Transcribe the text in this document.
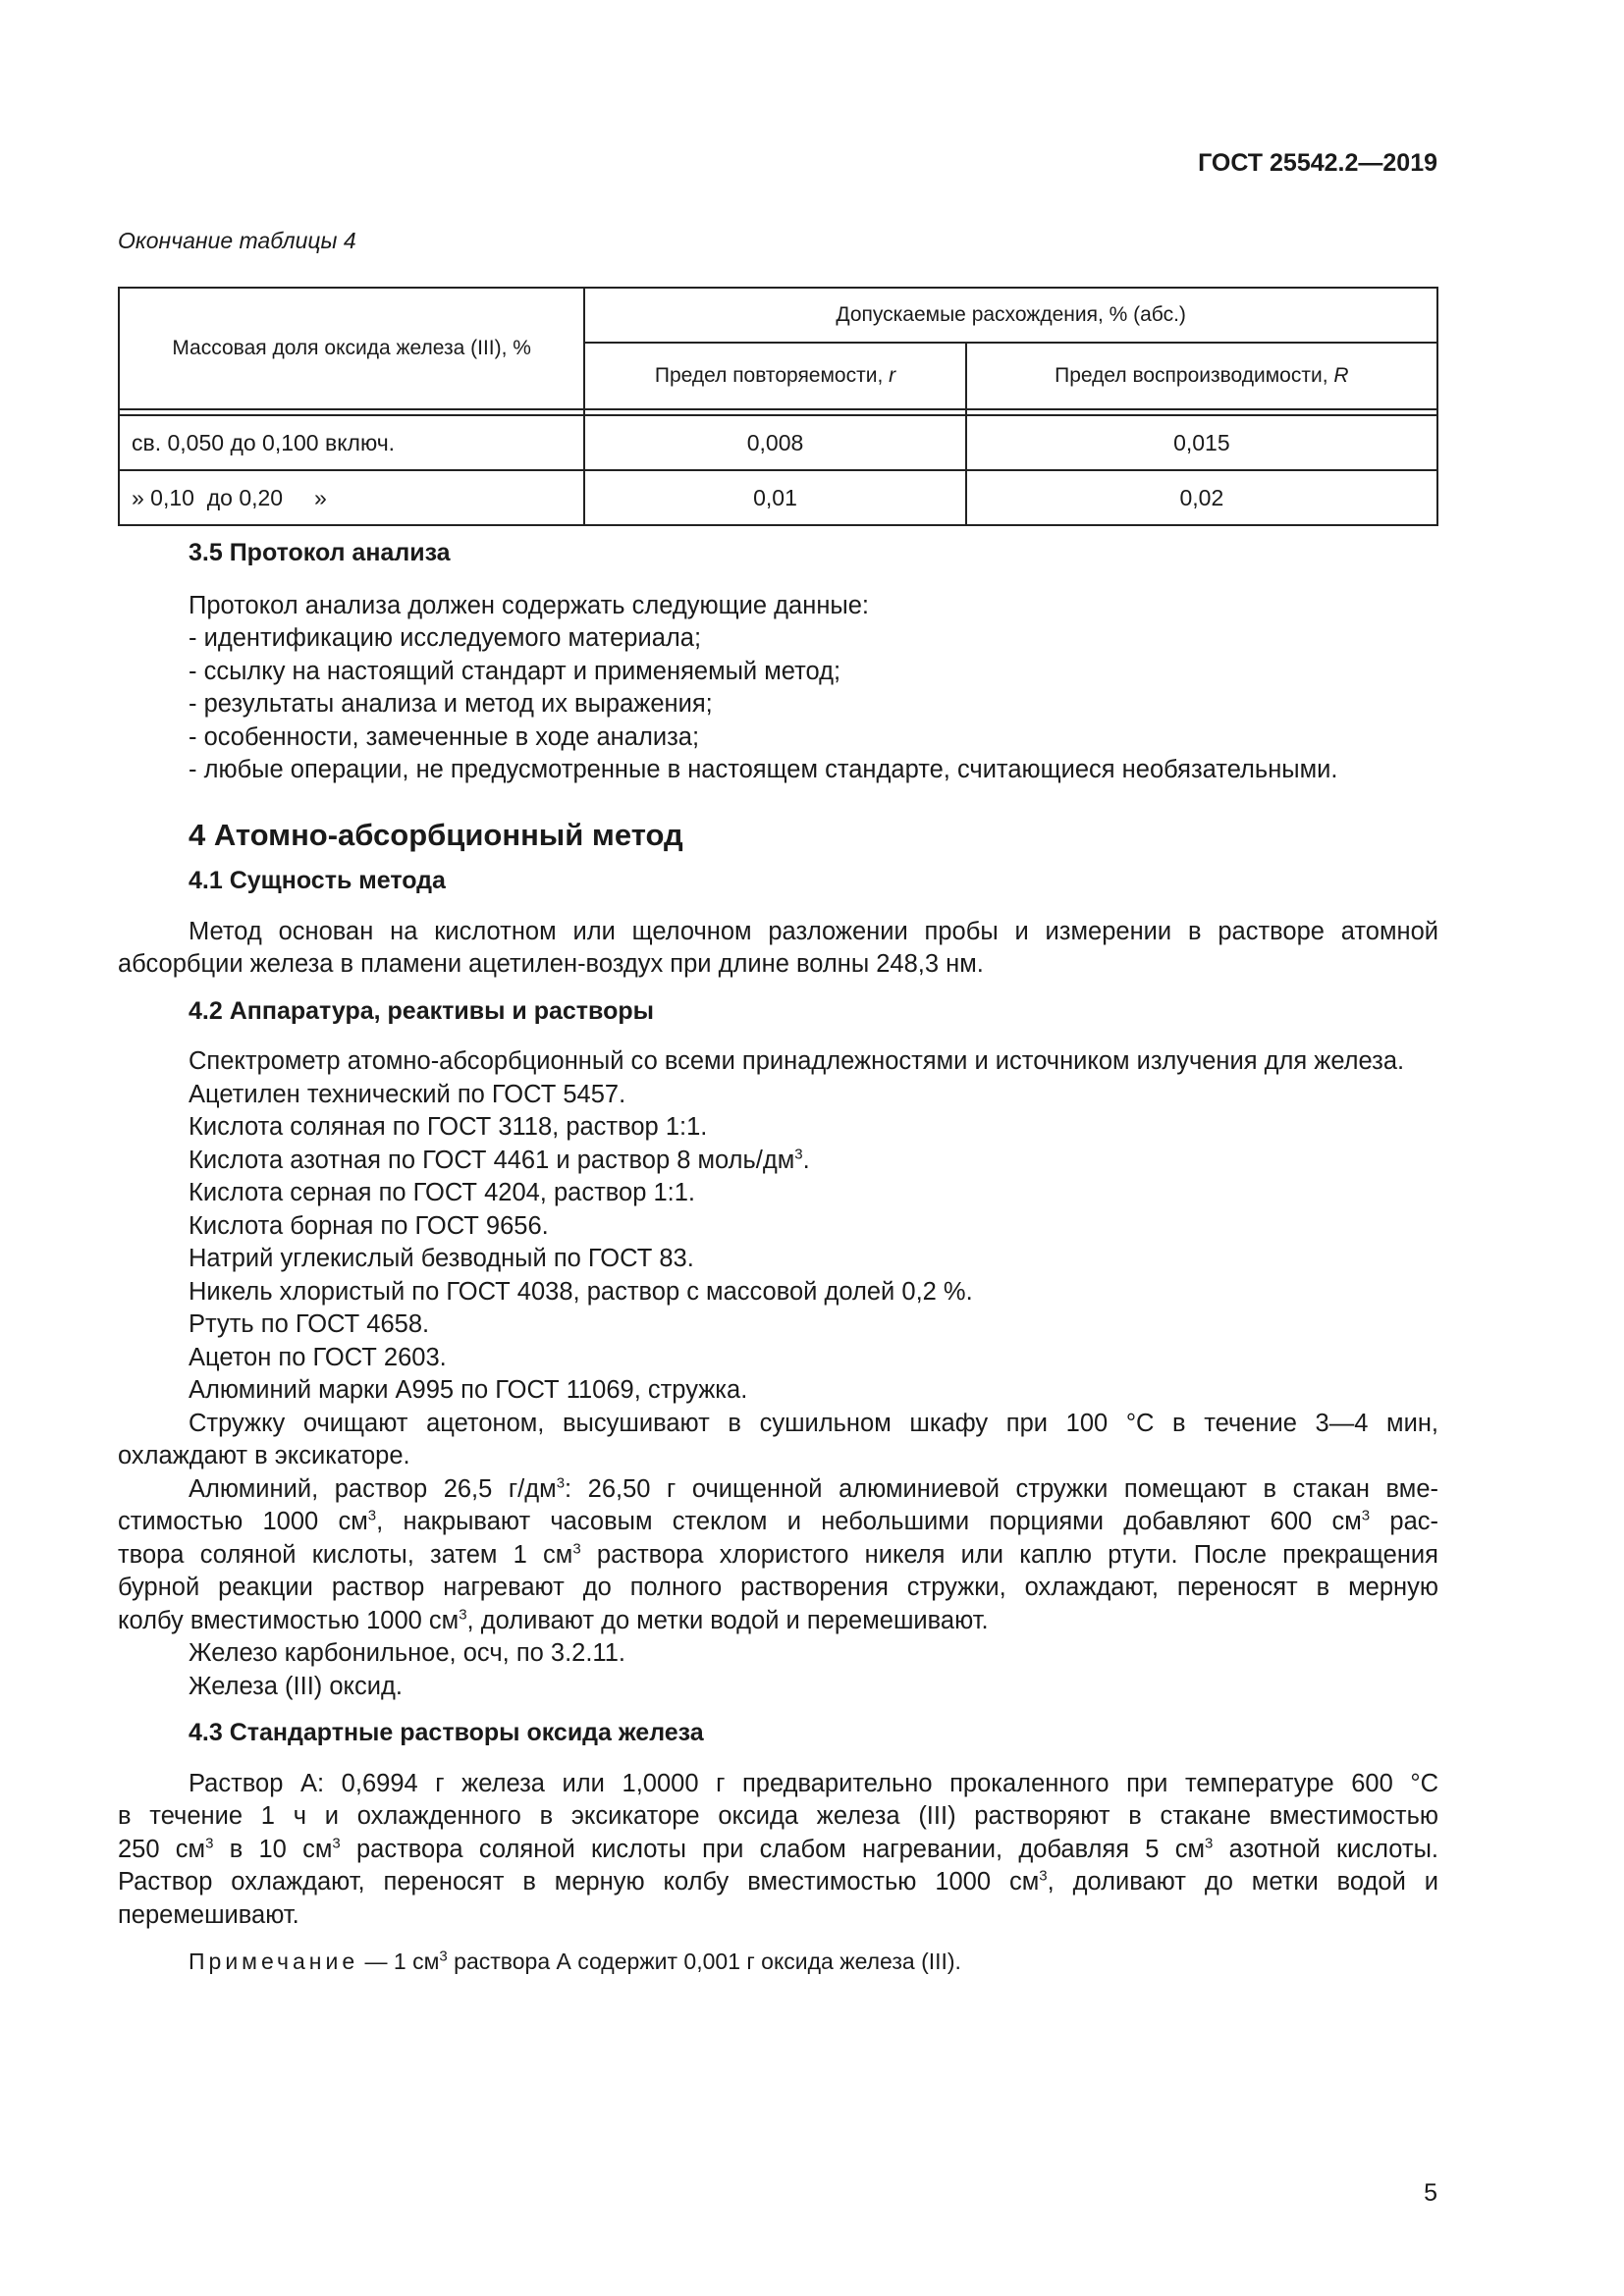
ГОСТ 25542.2—2019
Окончание таблицы 4
Массовая доля оксида железа (III), %	Допускаемые расхождения, % (абс.)	
	Предел повторяемости, r	Предел воспроизводимости, R

св. 0,050 до 0,100 включ.	0,008	0,015
» 0,10  до 0,20     »	0,01	0,02

3.5 Протокол анализа

Протокол анализа должен содержать следующие данные:

- идентификацию исследуемого материала;

- ссылку на настоящий стандарт и применяемый метод;

- результаты анализа и метод их выражения;

- особенности, замеченные в ходе анализа;

- любые операции, не предусмотренные в настоящем стандарте, считающиеся необязательными.

4 Атомно-абсорбционный метод

4.1 Сущность метода

Метод основан на кислотном или щелочном разложении пробы и измерении в растворе атомной абсорбции железа в пламени ацетилен-воздух при длине волны 248,3 нм.

4.2 Аппаратура, реактивы и растворы

Спектрометр атомно-абсорбционный со всеми принадлежностями и источником излучения для железа.

Ацетилен технический по ГОСТ 5457.

Кислота соляная по ГОСТ 3118, раствор 1:1.

Кислота азотная по ГОСТ 4461 и раствор 8 моль/$дм^3$.

Кислота серная по ГОСТ 4204, раствор 1:1.

Кислота борная по ГОСТ 9656.

Натрий углекислый безводный по ГОСТ 83.

Никель хлористый по ГОСТ 4038, раствор с массовой долей 0,2 %.

Ртуть по ГОСТ 4658.

Ацетон по ГОСТ 2603.

Алюминий марки А995 по ГОСТ 11069, стружка.

Стружку очищают ацетоном, высушивают в сушильном шкафу при 100 °С в течение 3—4 мин,

охлаждают в эксикаторе.

Алюминий, раствор 26,5 $г/дм^3$: 26,50 г очищенной алюминиевой стружки помещают в стакан вме-

стимостью 1000 $см^3$, накрывают часовым стеклом и небольшими порциями добавляют 600 $см^3$ рас-

твора соляной кислоты, затем 1 $см^3$ раствора хлористого никеля или каплю ртути. После прекращения

бурной реакции раствор нагревают до полного растворения стружки, охлаждают, переносят в мерную

колбу вместимостью 1000 $см^3$, доливают до метки водой и перемешивают.

Железо карбонильное, осч, по 3.2.11.

Железа (III) оксид.

4.3 Стандартные растворы оксида железа

Раствор А: 0,6994 г железа или 1,0000 г предварительно прокаленного при температуре 600 °С

в течение 1 ч и охлажденного в эксикаторе оксида железа (III) растворяют в стакане вместимостью

250 $см^3$ в 10 $см^3$ раствора соляной кислоты при слабом нагревании, добавляя 5 $см^3$ азотной кислоты.

Раствор охлаждают, переносят в мерную колбу вместимостью 1000 $см^3$, доливают до метки водой и

перемешивают.

Примечание — 1 $см^3$ раствора А содержит 0,001 г оксида железа (III).

5
